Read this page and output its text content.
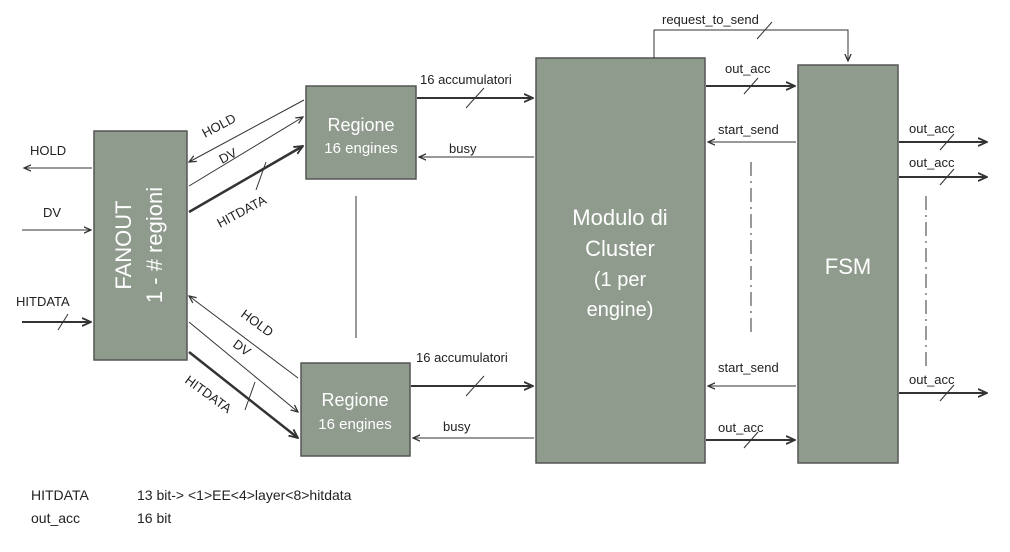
FANOUT 1 - # regioni
Regione
16 engines
Regione
16 engines
Modulo di
Cluster
(1 per
engine)
FSM
HOLD
DV
HITDATA
HOLD
DV
HITDATA
HOLD
DV
HITDATA
16 accumulatori
busy
16 accumulatori
busy
request_to_send
out_acc
start_send
start_send
out_acc
out_acc
out_acc
out_acc
HITDATA	13 bit-> <1>EE<4>layer<8>hitdata
out_acc	16 bit
